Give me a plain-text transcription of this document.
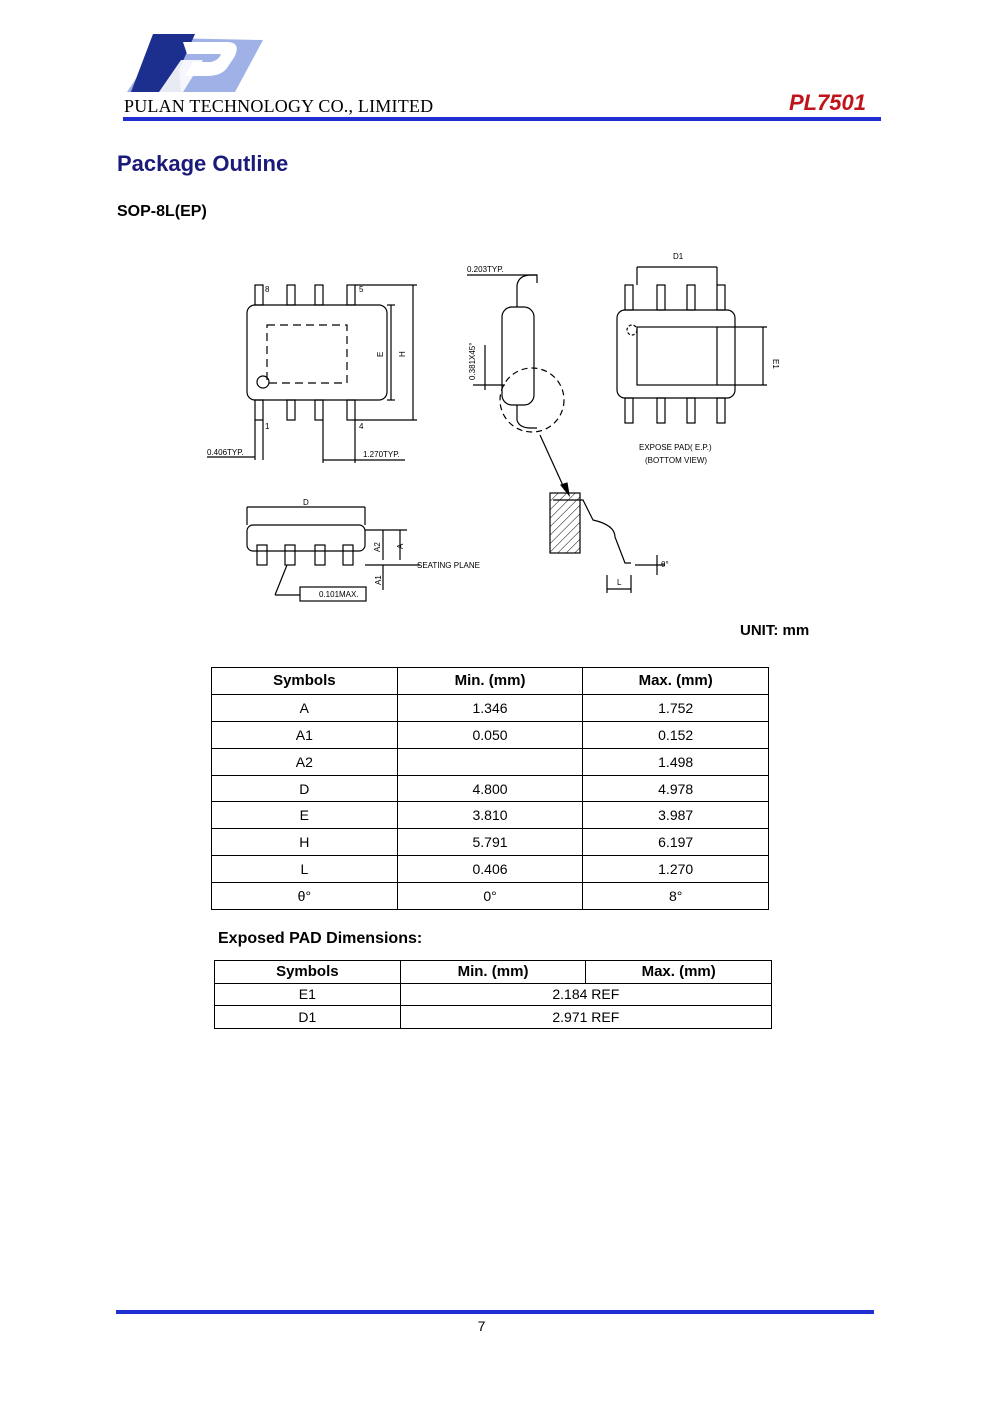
PULAN TECHNOLOGY CO., LIMITED	PL7501
Package Outline
SOP-8L(EP)
0.203TYP.
0.381X45°
D1
E1
E H
8	5
1	4
0.406TYP.	1.270TYP.
EXPOSE PAD( E.P.)
(BOTTOM VIEW)
D
A2 A
A1
SEATING PLANE
0.101MAX.
L
θ°
UNIT: mm
Symbols	Min. (mm)	Max. (mm)
A	1.346	1.752
A1	0.050	0.152
A2		1.498
D	4.800	4.978
E	3.810	3.987
H	5.791	6.197
L	0.406	1.270
θ°	0°	8°
Exposed PAD Dimensions:
Symbols	Min. (mm)	Max. (mm)
E1	2.184 REF	
D1	2.971 REF	
7
